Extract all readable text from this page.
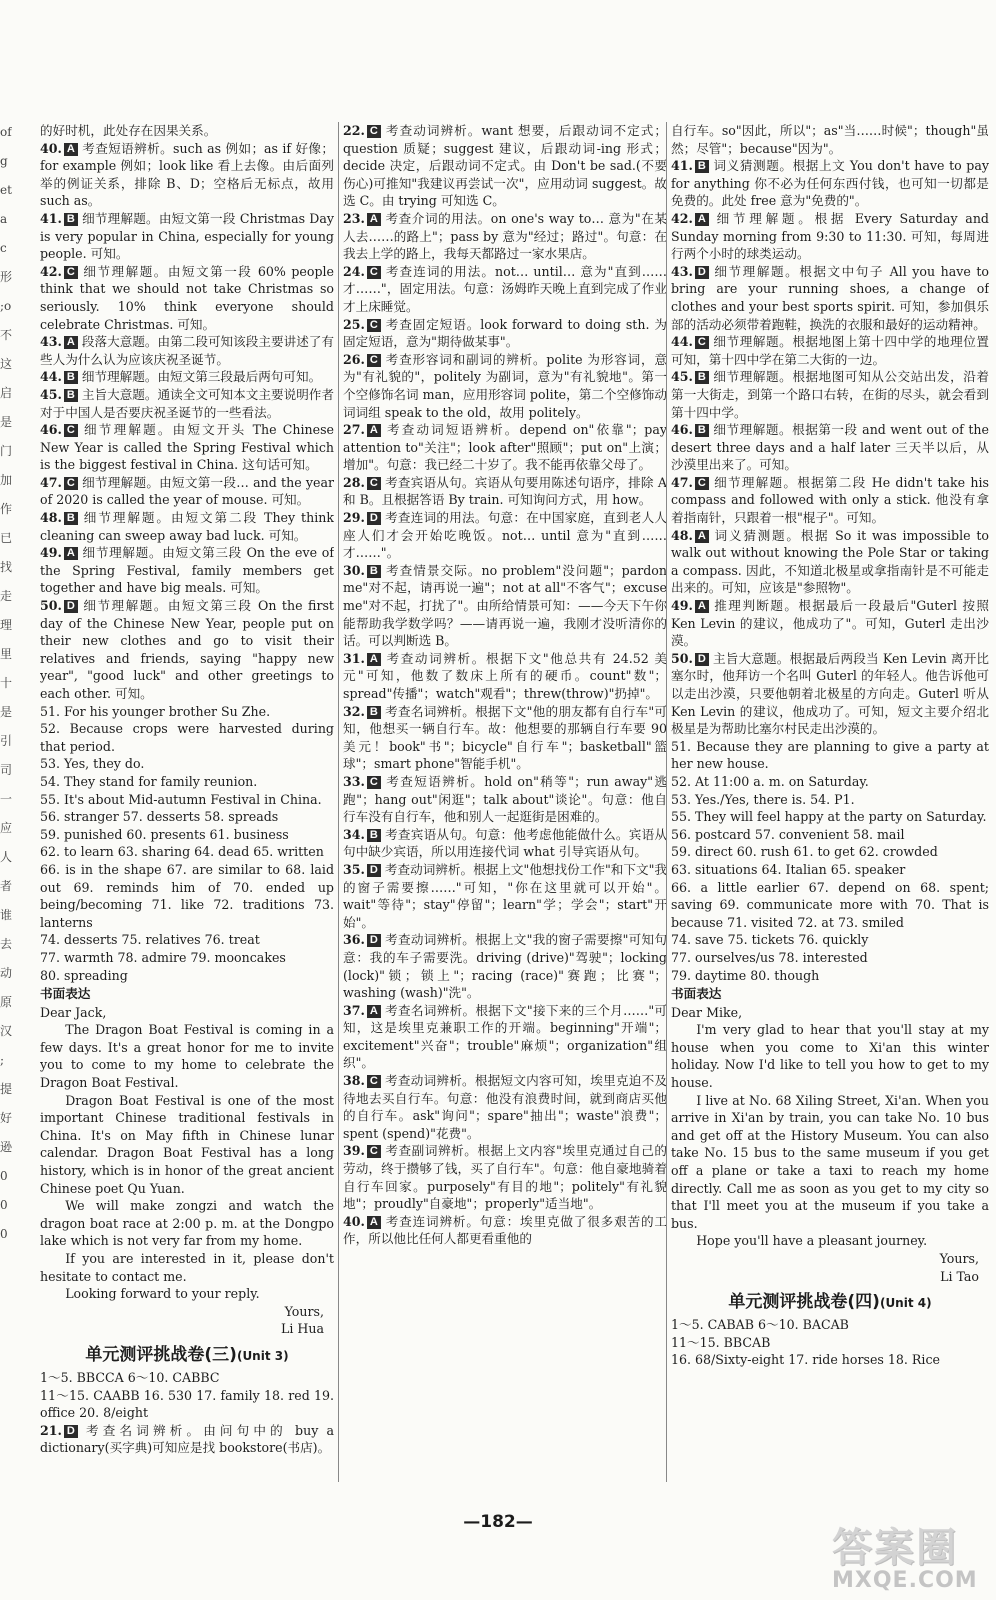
of g et ac 形 ;o 不 这 启 是 门 加 作 已 找 走 理 里 十 是 引 司 一 应 人 者 谁 去 动 原 汉 ; 提 好 逊 000

的好时机，此处存在因果关系。

40. A 考查短语辨析。such as 例如；as if 好像；for example 例如；look like 看上去像。由后面列举的例证关系，排除 B、D；空格后无标点，故用 such as。

41. B 细节理解题。由短文第一段 Christmas Day is very popular in China, especially for young people. 可知。

42. C 细节理解题。由短文第一段 60% people think that we should not take Christmas so seriously. 10% think everyone should celebrate Christmas. 可知。

43. A 段落大意题。由第二段可知该段主要讲述了有些人为什么认为应该庆祝圣诞节。

44. B 细节理解题。由短文第三段最后两句可知。

45. B 主旨大意题。通读全文可知本文主要说明作者对于中国人是否要庆祝圣诞节的一些看法。

46. C 细节理解题。由短文开头 The Chinese New Year is called the Spring Festival which is the biggest festival in China. 这句话可知。

47. C 细节理解题。由短文第一段… and the year of 2020 is called the year of mouse. 可知。

48. B 细节理解题。由短文第二段 They think cleaning can sweep away bad luck. 可知。

49. A 细节理解题。由短文第三段 On the eve of the Spring Festival, family members get together and have big meals. 可知。

50. D 细节理解题。由短文第三段 On the first day of the Chinese New Year, people put on their new clothes and go to visit their relatives and friends, saying "happy new year", "good luck" and other greetings to each other. 可知。

51. For his younger brother Su Zhe.

52. Because crops were harvested during that period.

53. Yes, they do.

54. They stand for family reunion.

55. It's about Mid-autumn Festival in China.

56. stranger 57. desserts 58. spreads

59. punished 60. presents 61. business

62. to learn 63. sharing 64. dead 65. written

66. is in the shape 67. are similar to 68. laid out 69. reminds him of 70. ended up being/becoming 71. like 72. traditions 73. lanterns

74. desserts 75. relatives 76. treat

77. warmth 78. admire 79. mooncakes

80. spreading

书面表达

Dear Jack,

The Dragon Boat Festival is coming in a few days. It's a great honor for me to invite you to come to my home to celebrate the Dragon Boat Festival.

Dragon Boat Festival is one of the most important Chinese traditional festivals in China. It's on May fifth in Chinese lunar calendar. Dragon Boat Festival has a long history, which is in honor of the great ancient Chinese poet Qu Yuan.

We will make zongzi and watch the dragon boat race at 2:00 p. m. at the Dongpo lake which is not very far from my home.

If you are interested in it, please don't hesitate to contact me.

Looking forward to your reply.

Yours,

Li Hua

单元测评挑战卷(三)(Unit 3)

1～5. BBCCA 6～10. CABBC

11～15. CAABB 16. 530 17. family 18. red 19. office 20. 8/eight

21. D 考查名词辨析。由问句中的 buy a dictionary(买字典)可知应是找 bookstore(书店)。

22. C 考查动词辨析。want 想要，后跟动词不定式；question 质疑；suggest 建议，后跟动词-ing 形式；decide 决定，后跟动词不定式。由 Don't be sad.(不要伤心)可推知"我建议再尝试一次"，应用动词 suggest。故选 C。由 trying 可知选 C。

23. A 考查介词的用法。on one's way to… 意为"在某人去……的路上"；pass by 意为"经过；路过"。句意：在我去上学的路上，我每天都路过一家水果店。

24. C 考查连词的用法。not… until… 意为"直到……才……"，固定用法。句意：汤姆昨天晚上直到完成了作业才上床睡觉。

25. C 考查固定短语。look forward to doing sth. 为固定短语，意为"期待做某事"。

26. C 考查形容词和副词的辨析。polite 为形容词，意为"有礼貌的"，politely 为副词，意为"有礼貌地"。第一个空修饰名词 man，应用形容词 polite，第二个空修饰动词词组 speak to the old，故用 politely。

27. A 考查动词短语辨析。depend on"依靠"；pay attention to"关注"；look after"照顾"；put on"上演；增加"。句意：我已经二十岁了。我不能再依靠父母了。

28. C 考查宾语从句。宾语从句要用陈述句语序，排除 A 和 B。且根据答语 By train. 可知询问方式，用 how。

29. D 考查连词的用法。句意：在中国家庭，直到老人人座人们才会开始吃晚饭。not… until 意为"直到……才……"。

30. B 考查情景交际。no problem"没问题"；pardon me"对不起，请再说一遍"；not at all"不客气"；excuse me"对不起，打扰了"。由所给情景可知：——今天下午你能帮助我学数学吗？——请再说一遍，我刚才没听清你的话。可以判断选 B。

31. A 考查动词辨析。根据下文"他总共有 24.52 美元"可知，他数了数床上所有的硬币。count"数"；spread"传播"；watch"观看"；threw(throw)"扔掉"。

32. B 考查名词辨析。根据下文"他的朋友都有自行车"可知，他想买一辆自行车。故：他想要的那辆自行车要 90 美元！book"书"；bicycle"自行车"；basketball"篮球"；smart phone"智能手机"。

33. C 考查短语辨析。hold on"稍等"；run away"逃跑"；hang out"闲逛"；talk about"谈论"。句意：他自行车没有自行车，他和别人一起逛街是困难的。

34. B 考查宾语从句。句意：他考虑他能做什么。宾语从句中缺少宾语，所以用连接代词 what 引导宾语从句。

35. D 考查动词辨析。根据上文"他想找份工作"和下文"我的窗子需要擦……"可知，"你在这里就可以开始"。wait"等待"；stay"停留"；learn"学；学会"；start"开始"。

36. D 考查动词辨析。根据上文"我的窗子需要擦"可知句意：我的车子需要洗。driving (drive)"驾驶"；locking (lock)"锁；锁上"；racing (race)"赛跑；比赛"；washing (wash)"洗"。

37. A 考查名词辨析。根据下文"接下来的三个月……"可知，这是埃里克兼职工作的开端。beginning"开端"；excitement"兴奋"；trouble"麻烦"；organization"组织"。

38. C 考查动词辨析。根据短文内容可知，埃里克迫不及待地去买自行车。句意：他没有浪费时间，就到商店买他的自行车。ask"询问"；spare"抽出"；waste"浪费"；spent (spend)"花费"。

39. C 考查副词辨析。根据上文内容"埃里克通过自己的劳动，终于攒够了钱，买了自行车"。句意：他自豪地骑着自行车回家。purposely"有目的地"；politely"有礼貌地"；proudly"自豪地"；properly"适当地"。

40. A 考查连词辨析。句意：埃里克做了很多艰苦的工作，所以他比任何人都更看重他的

自行车。so"因此，所以"；as"当……时候"；though"虽然；尽管"；because"因为"。

41. B 词义猜测题。根据上文 You don't have to pay for anything 你不必为任何东西付钱，也可知一切都是免费的。此处 free 意为"免费的"。

42. A 细节理解题。根据 Every Saturday and Sunday morning from 9:30 to 11:30. 可知，每周进行两个小时的球类运动。

43. D 细节理解题。根据文中句子 All you have to bring are your running shoes, a change of clothes and your best sports spirit. 可知，参加俱乐部的活动必须带着跑鞋，换洗的衣服和最好的运动精神。

44. C 细节理解题。根据地图上第十四中学的地理位置可知，第十四中学在第二大街的一边。

45. B 细节理解题。根据地图可知从公交站出发，沿着第一大街走，到第一个路口右转，在街的尽头，就会看到第十四中学。

46. B 细节理解题。根据第一段 and went out of the desert three days and a half later 三天半以后，从沙漠里出来了。可知。

47. C 细节理解题。根据第二段 He didn't take his compass and followed with only a stick. 他没有拿着指南针，只跟着一根"棍子"。可知。

48. A 词义猜测题。根据 So it was impossible to walk out without knowing the Pole Star or taking a compass. 因此，不知道北极星或拿指南针是不可能走出来的。可知，应该是"参照物"。

49. A 推理判断题。根据最后一段最后"Guterl 按照 Ken Levin 的建议，他成功了"。可知，Guterl 走出沙漠。

50. D 主旨大意题。根据最后两段当 Ken Levin 离开比塞尔时，他拜访一个名叫 Guterl 的年轻人。他告诉他可以走出沙漠，只要他朝着北极星的方向走。Guterl 听从 Ken Levin 的建议，他成功了。可知，短文主要介绍北极星是为帮助比塞尔村民走出沙漠的。

51. Because they are planning to give a party at her new house.

52. At 11:00 a. m. on Saturday.

53. Yes./Yes, there is. 54. P1.

55. They will feel happy at the party on Saturday.

56. postcard 57. convenient 58. mail

59. direct 60. rush 61. to get 62. crowded

63. situations 64. Italian 65. speaker

66. a little earlier 67. depend on 68. spent; saving 69. communicate more with 70. That is because 71. visited 72. at 73. smiled

74. save 75. tickets 76. quickly

77. ourselves/us 78. interested

79. daytime 80. though

书面表达

Dear Mike,

I'm very glad to hear that you'll stay at my house when you come to Xi'an this winter holiday. Now I'd like to tell you how to get to my house.

I live at No. 68 Xiling Street, Xi'an. When you arrive in Xi'an by train, you can take No. 10 bus and get off at the History Museum. You can also take No. 15 bus to the same museum if you get off a plane or take a taxi to reach my home directly. Call me as soon as you get to my city so that I'll meet you at the museum if you take a bus.

Hope you'll have a pleasant journey.

Yours,

Li Tao

单元测评挑战卷(四)(Unit 4)

1～5. CABAB 6～10. BACAB

11～15. BBCAB

16. 68/Sixty-eight 17. ride horses 18. Rice

—182—
答案圈
MXQE.COM
